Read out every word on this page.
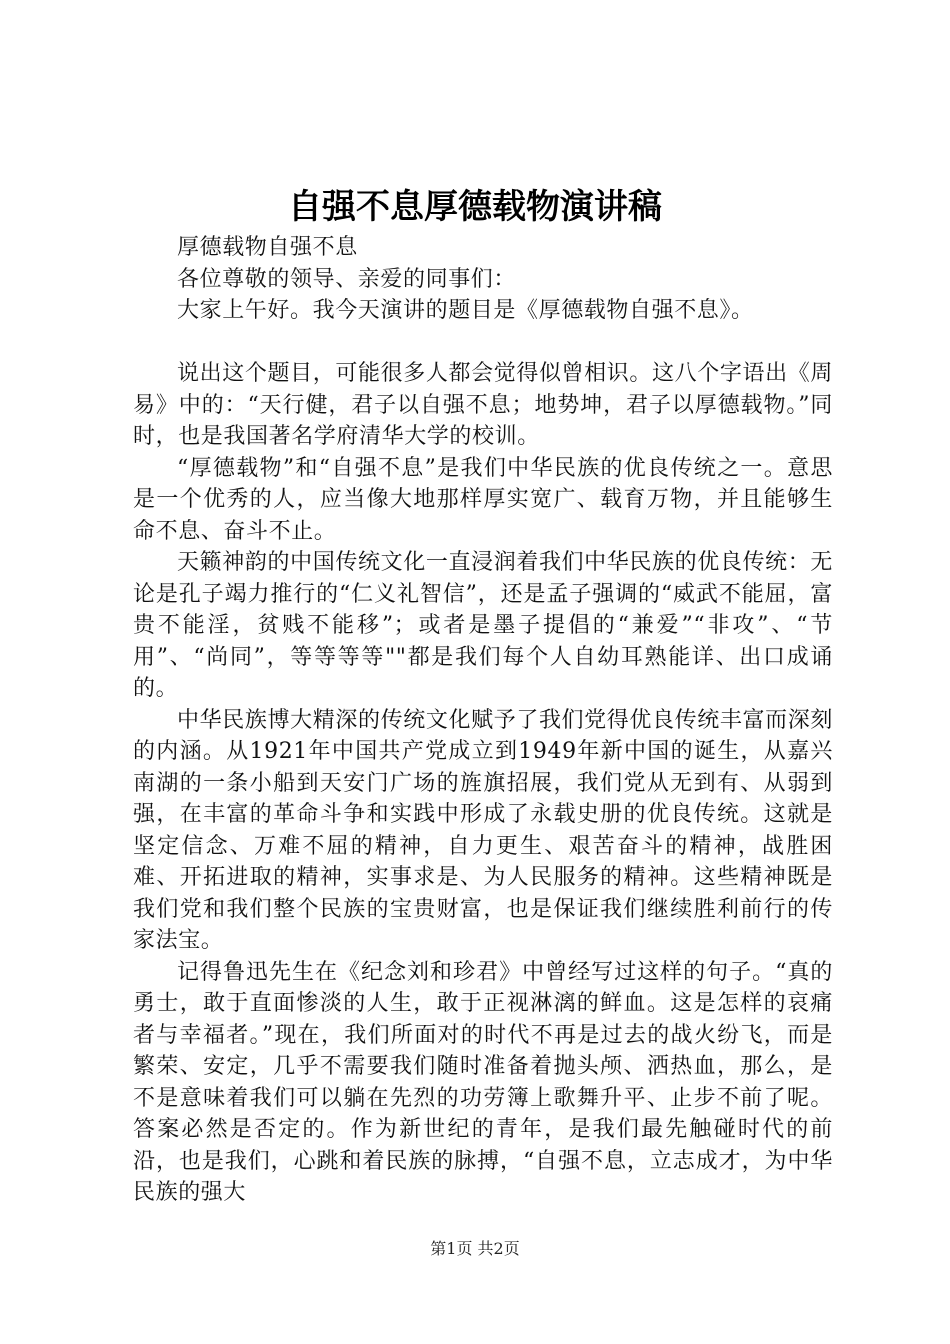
自强不息厚德载物演讲稿

厚德载物自强不息

各位尊敬的领导、亲爱的同事们：

大家上午好。我今天演讲的题目是《厚德载物自强不息》。

说出这个题目，可能很多人都会觉得似曾相识。这八个字语出《周易》中的：“天行健，君子以自强不息；地势坤，君子以厚德载物。”同时，也是我国著名学府清华大学的校训。

“厚德载物”和“自强不息”是我们中华民族的优良传统之一。意思是一个优秀的人，应当像大地那样厚实宽广、载育万物，并且能够生命不息、奋斗不止。

天籁神韵的中国传统文化一直浸润着我们中华民族的优良传统：无论是孔子竭力推行的“仁义礼智信”，还是孟子强调的“威武不能屈，富贵不能淫，贫贱不能移”；或者是墨子提倡的“兼爱”“非攻”、“节用”、“尚同”，等等等等""都是我们每个人自幼耳熟能详、出口成诵的。

中华民族博大精深的传统文化赋予了我们党得优良传统丰富而深刻的内涵。从1921年中国共产党成立到1949年新中国的诞生，从嘉兴南湖的一条小船到天安门广场的旌旗招展，我们党从无到有、从弱到强，在丰富的革命斗争和实践中形成了永载史册的优良传统。这就是坚定信念、万难不屈的精神，自力更生、艰苦奋斗的精神，战胜困难、开拓进取的精神，实事求是、为人民服务的精神。这些精神既是我们党和我们整个民族的宝贵财富，也是保证我们继续胜利前行的传家法宝。

记得鲁迅先生在《纪念刘和珍君》中曾经写过这样的句子。“真的勇士，敢于直面惨淡的人生，敢于正视淋漓的鲜血。这是怎样的哀痛者与幸福者。”现在，我们所面对的时代不再是过去的战火纷飞，而是繁荣、安定，几乎不需要我们随时准备着抛头颅、洒热血，那么，是不是意味着我们可以躺在先烈的功劳簿上歌舞升平、止步不前了呢。答案必然是否定的。作为新世纪的青年，是我们最先触碰时代的前沿，也是我们，心跳和着民族的脉搏，“自强不息，立志成才，为中华民族的强大

第1页 共2页
